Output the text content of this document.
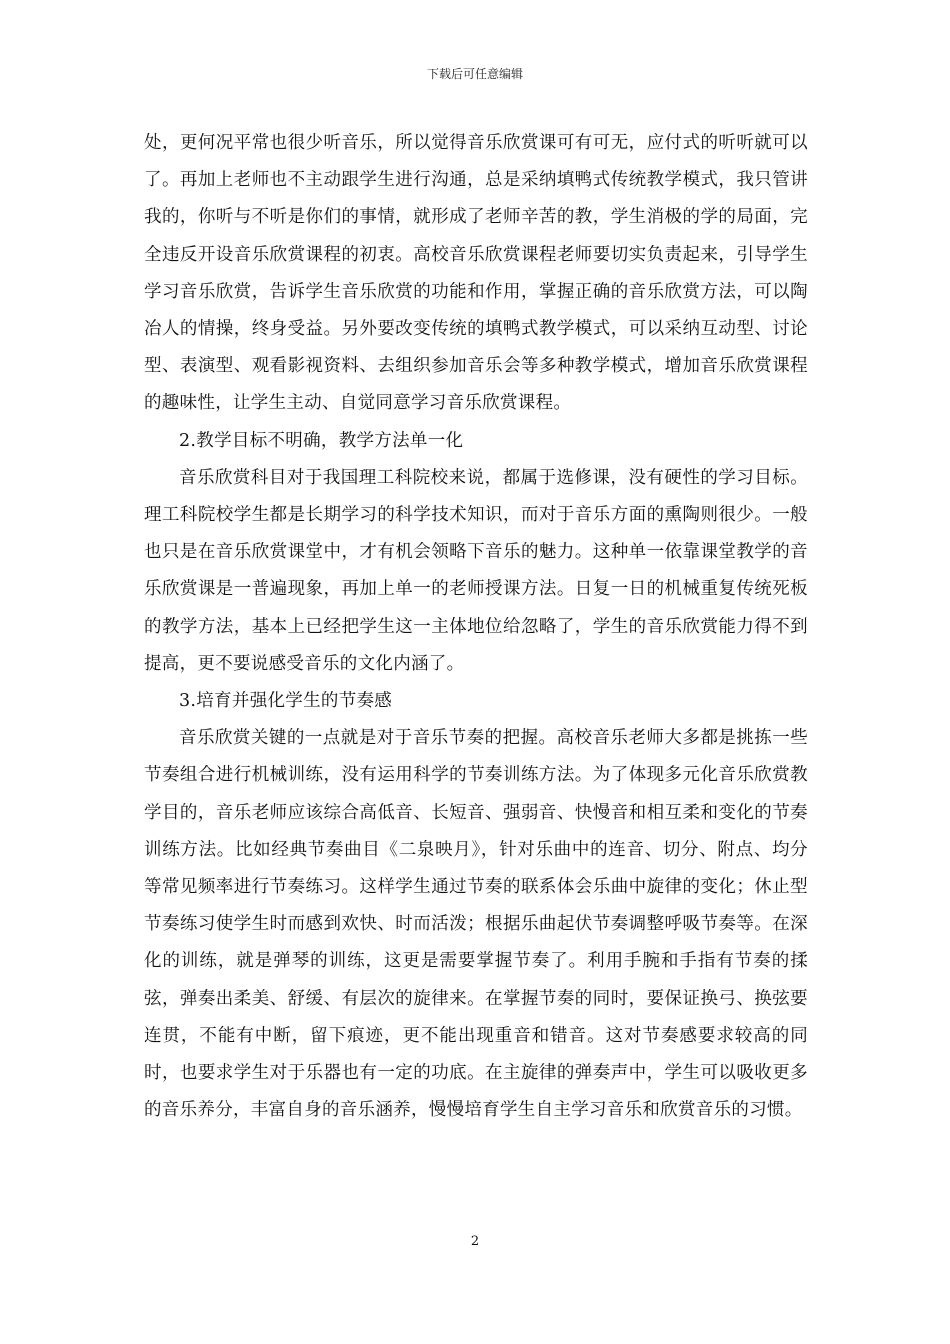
下载后可任意编辑

处，更何况平常也很少听音乐，所以觉得音乐欣赏课可有可无，应付式的听听就可以了。再加上老师也不主动跟学生进行沟通，总是采纳填鸭式传统教学模式，我只管讲我的，你听与不听是你们的事情，就形成了老师辛苦的教，学生消极的学的局面，完全违反开设音乐欣赏课程的初衷。高校音乐欣赏课程老师要切实负责起来，引导学生学习音乐欣赏，告诉学生音乐欣赏的功能和作用，掌握正确的音乐欣赏方法，可以陶冶人的情操，终身受益。另外要改变传统的填鸭式教学模式，可以采纳互动型、讨论型、表演型、观看影视资料、去组织参加音乐会等多种教学模式，增加音乐欣赏课程的趣味性，让学生主动、自觉同意学习音乐欣赏课程。

2.教学目标不明确，教学方法单一化

音乐欣赏科目对于我国理工科院校来说，都属于选修课，没有硬性的学习目标。理工科院校学生都是长期学习的科学技术知识，而对于音乐方面的熏陶则很少。一般也只是在音乐欣赏课堂中，才有机会领略下音乐的魅力。这种单一依靠课堂教学的音乐欣赏课是一普遍现象，再加上单一的老师授课方法。日复一日的机械重复传统死板的教学方法，基本上已经把学生这一主体地位给忽略了，学生的音乐欣赏能力得不到提高，更不要说感受音乐的文化内涵了。

3.培育并强化学生的节奏感

音乐欣赏关键的一点就是对于音乐节奏的把握。高校音乐老师大多都是挑拣一些节奏组合进行机械训练，没有运用科学的节奏训练方法。为了体现多元化音乐欣赏教学目的，音乐老师应该综合高低音、长短音、强弱音、快慢音和相互柔和变化的节奏训练方法。比如经典节奏曲目《二泉映月》，针对乐曲中的连音、切分、附点、均分等常见频率进行节奏练习。这样学生通过节奏的联系体会乐曲中旋律的变化；休止型节奏练习使学生时而感到欢快、时而活泼；根据乐曲起伏节奏调整呼吸节奏等。在深化的训练，就是弹琴的训练，这更是需要掌握节奏了。利用手腕和手指有节奏的揉弦，弹奏出柔美、舒缓、有层次的旋律来。在掌握节奏的同时，要保证换弓、换弦要连贯，不能有中断，留下痕迹，更不能出现重音和错音。这对节奏感要求较高的同时，也要求学生对于乐器也有一定的功底。在主旋律的弹奏声中，学生可以吸收更多的音乐养分，丰富自身的音乐涵养，慢慢培育学生自主学习音乐和欣赏音乐的习惯。

2
